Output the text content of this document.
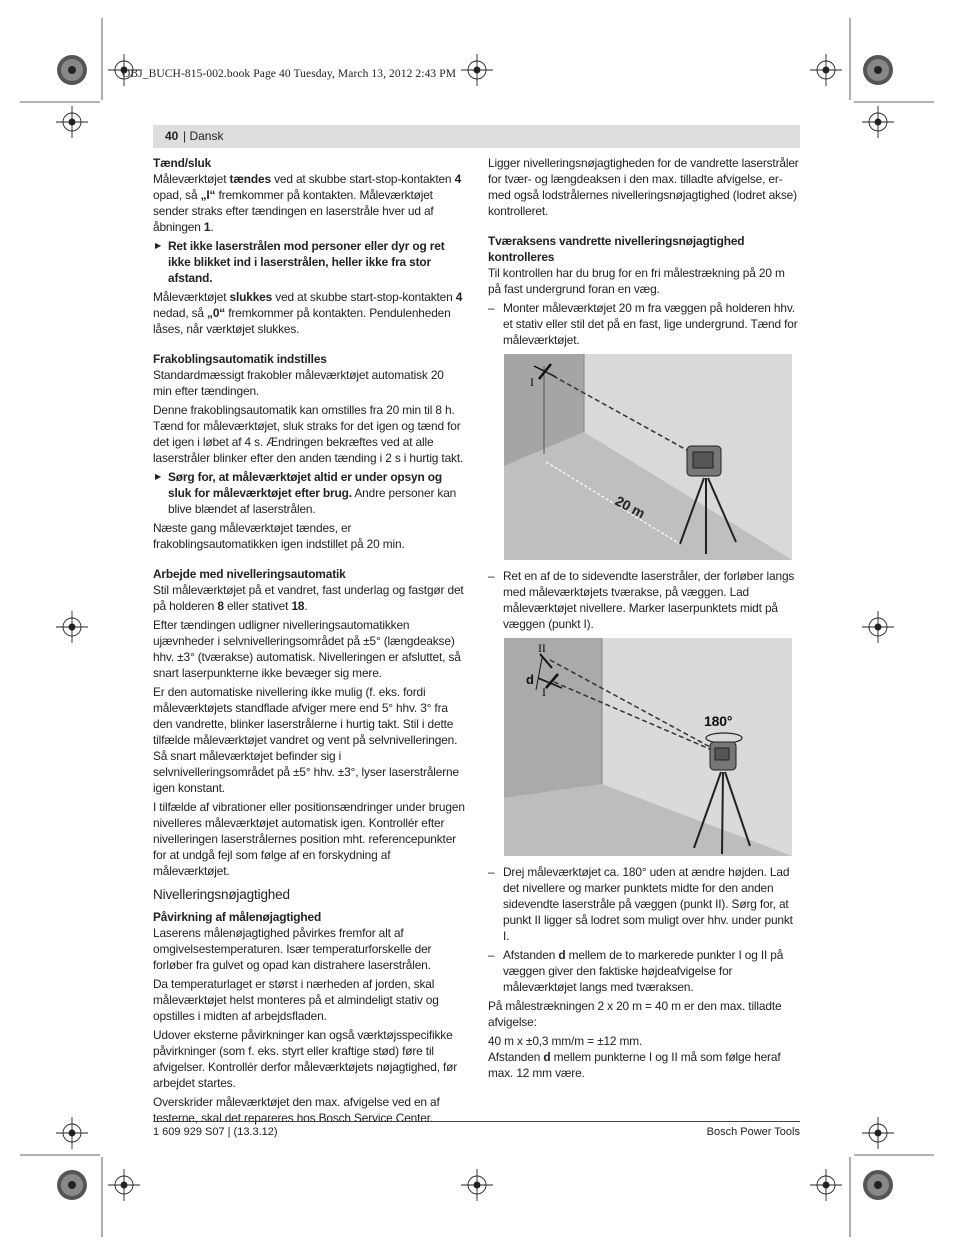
OBJ_BUCH-815-002.book Page 40 Tuesday, March 13, 2012 2:43 PM
40 | Dansk
Tænd/sluk

Måleværktøjet tændes ved at skubbe start-stop-kontakten 4 opad, så „I“ fremkommer på kontakten. Måleværktøjet sender straks efter tændingen en laserstråle hver ud af åbningen 1.

▶ Ret ikke laserstrålen mod personer eller dyr og ret ikke blikket ind i laserstrålen, heller ikke fra stor afstand.

Måleværktøjet slukkes ved at skubbe start-stop-kontakten 4 nedad, så „0“ fremkommer på kontakten. Pendulenheden låses, når værktøjet slukkes.

Frakoblingsautomatik indstilles

Standardmæssigt frakobler måleværktøjet automatisk 20 min efter tændingen.

Denne frakoblingsautomatik kan omstilles fra 20 min til 8 h. Tænd for måleværktøjet, sluk straks for det igen og tænd for det igen i løbet af 4 s. Ændringen bekræftes ved at alle laserstråler blinker efter den anden tænding i 2 s i hurtig takt.

▶ Sørg for, at måleværktøjet altid er under opsyn og sluk for måleværktøjet efter brug. Andre personer kan blive blændet af laserstrålen.

Næste gang måleværktøjet tændes, er frakoblingsautomatikken igen indstillet på 20 min.

Arbejde med nivelleringsautomatik

Stil måleværktøjet på et vandret, fast underlag og fastgør det på holderen 8 eller stativet 18.

Efter tændingen udligner nivelleringsautomatikken ujævnheder i selvnivelleringsområdet på ±5° (længdeakse) hhv. ±3° (tværakse) automatisk. Nivelleringen er afsluttet, så snart laserpunkterne ikke bevæger sig mere.

Er den automatiske nivellering ikke mulig (f. eks. fordi måleværktøjets standflade afviger mere end 5° hhv. 3° fra den vandrette, blinker laserstrålerne i hurtig takt. Stil i dette tilfælde måleværktøjet vandret og vent på selvnivelleringen. Så snart måleværktøjet befinder sig i selvnivelleringsområdet på ±5° hhv. ±3°, lyser laserstrålerne igen konstant.

I tilfælde af vibrationer eller positionsændringer under brugen nivelleres måleværktøjet automatisk igen. Kontrollér efter nivelleringen laserstrålernes position mht. referencepunkter for at undgå fejl som følge af en forskydning af måleværktøjet.

Nivelleringsnøjagtighed
Påvirkning af målenøjagtighed

Laserens målenøjagtighed påvirkes fremfor alt af omgivelsestemperaturen. Især temperaturforskelle der forløber fra gulvet og opad kan distrahere laserstrålen.

Da temperaturlaget er størst i nærheden af jorden, skal måleværktøjet helst monteres på et almindeligt stativ og opstilles i midten af arbejdsfladen.

Udover eksterne påvirkninger kan også værktøjsspecifikke påvirkninger (som f. eks. styrt eller kraftige stød) føre til afvigelser. Kontrollér derfor måleværktøjets nøjagtighed, før arbejdet startes.

Overskrider måleværktøjet den max. afvigelse ved en af testerne, skal det repareres hos Bosch Service Center.

Ligger nivelleringsnøjagtigheden for de vandrette laserstråler for tvær- og længdeaksen i den max. tilladte afvigelse, er-med også lodstrålernes nivelleringsnøjagtighed (lodret akse) kontrolleret.

Tværaksens vandrette nivelleringsnøjagtighed kontrolleres

Til kontrollen har du brug for en fri målestrækning på 20 m på fast undergrund foran en væg.

– Monter måleværktøjet 20 m fra væggen på holderen hhv. et stativ eller stil det på en fast, lige undergrund. Tænd for måleværktøjet.
I
20 m
– Ret en af de to sidevendte laserstråler, der forløber langs med måleværktøjets tværakse, på væggen. Lad måleværktøjet nivellere. Marker laserpunktets midt på væggen (punkt I).
II
d
I
180°
– Drej måleværktøjet ca. 180° uden at ændre højden. Lad det nivellere og marker punktets midte for den anden sidevendte laserstråle på væggen (punkt II). Sørg for, at punkt II ligger så lodret som muligt over hhv. under punkt I.
– Afstanden d mellem de to markerede punkter I og II på væggen giver den faktiske højdeafvigelse for måleværktøjet langs med tværaksen.

På målestrækningen 2 x 20 m = 40 m er den max. tilladte afvigelse:

40 m x ±0,3 mm/m = ±12 mm.

Afstanden d mellem punkterne I og II må som følge heraf max. 12 mm være.

1 609 929 S07 | (13.3.12)	Bosch Power Tools
